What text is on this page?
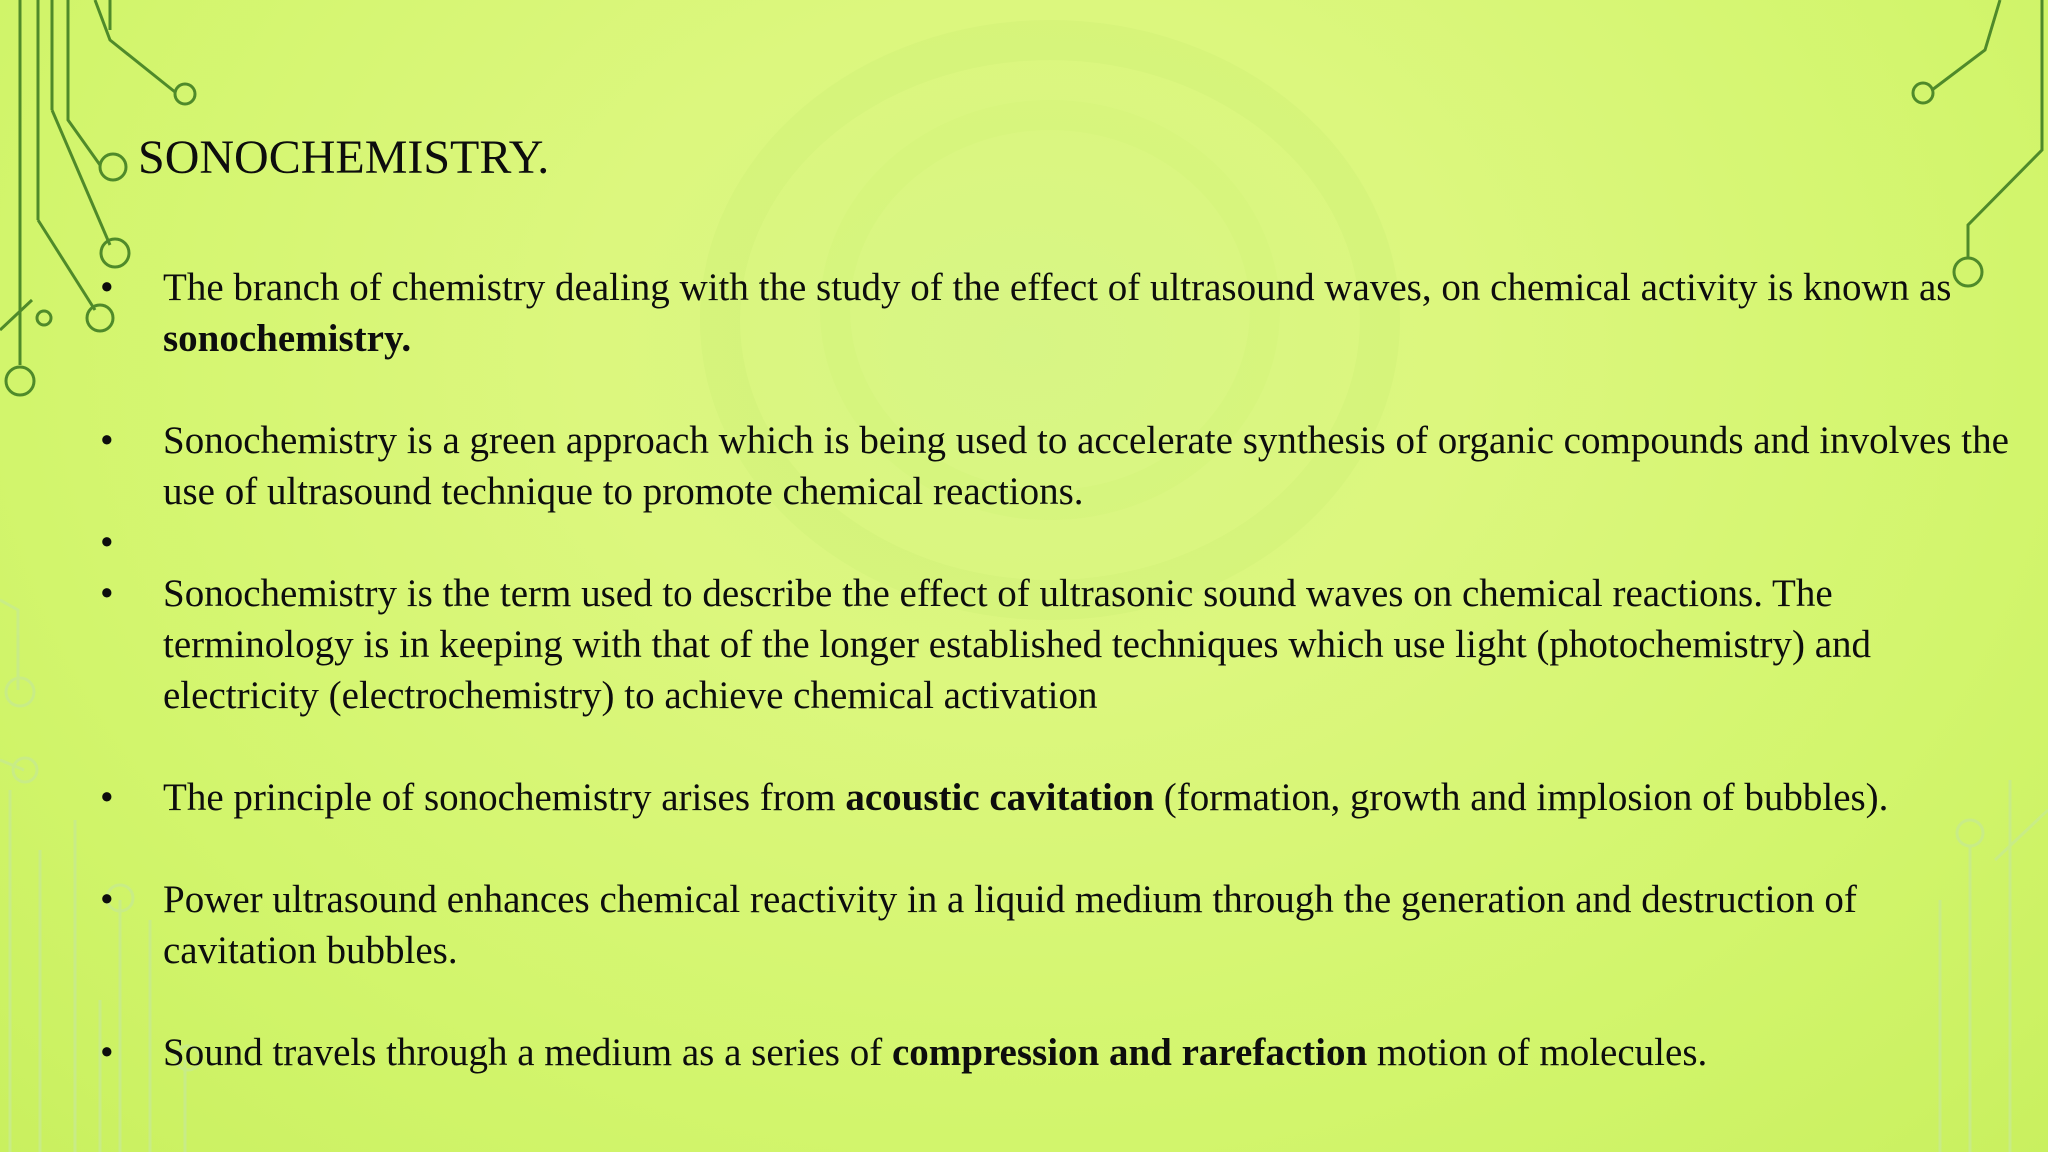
SONOCHEMISTRY.
•	The branch of chemistry dealing with the study of the effect of ultrasound waves, on chemical activity is known as sonochemistry.
•	Sonochemistry is a green approach which is being used to accelerate synthesis of organic compounds and involves the use of ultrasound technique to promote chemical reactions.
•
•	Sonochemistry is the term used to describe the effect of ultrasonic sound waves on chemical reactions. The terminology is in keeping with that of the longer established techniques which use light (photochemistry) and electricity (electrochemistry) to achieve chemical activation
•	The principle of sonochemistry arises from acoustic cavitation (formation, growth and implosion of bubbles).
•	Power ultrasound enhances chemical reactivity in a liquid medium through the generation and destruction of cavitation bubbles.
•	Sound travels through a medium as a series of compression and rarefaction motion of molecules.
